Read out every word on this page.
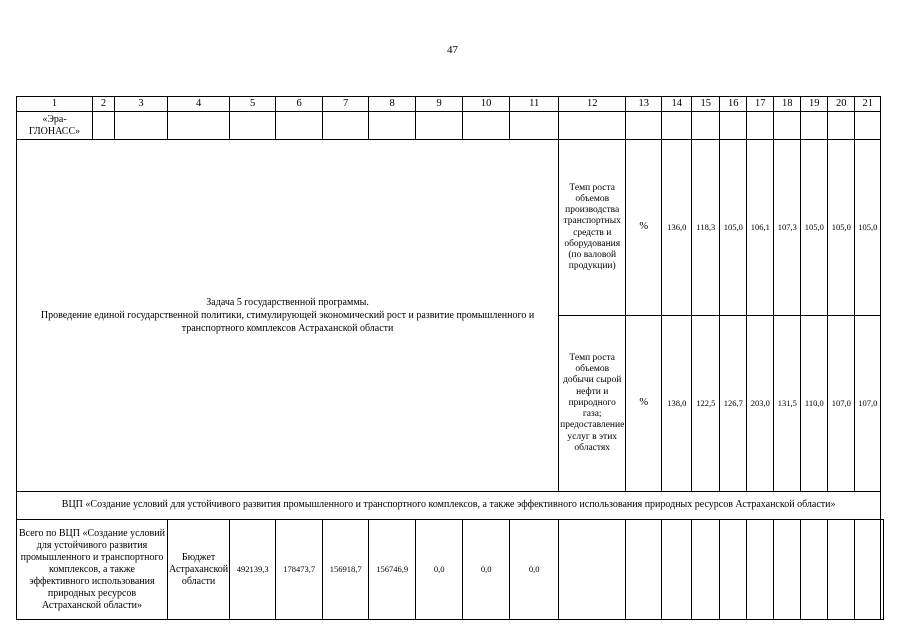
47
1	2	3	4	5	6	7	8	9	10	11	12	13	14	15	16	17	18	19	20	21	
«Эра-ГЛОНАСС»																					

Задача 5 государственной программы.
Проведение единой государственной политики, стимулирующей экономический рост и развитие промышленного и транспортного комплексов Астраханской области											Темп роста объемов производства транспортных средств и оборудования (по валовой продукции)	%	136,0	118,3	105,0	106,1	107,3	105,0	105,0	105,0	
											Темп роста объемов добычи сырой нефти и природного газа; предоставление услуг в этих областях	%	138,0	122,5	126,7	203,0	131,5	110,0	107,0	107,0	
ВЦП «Создание условий для устойчивого развития промышленного и транспортного комплексов, а также эффективного использования природных ресурсов Астраханской области»																					
Всего по ВЦП «Создание условий для устойчивого развития промышленного и транспортного комплексов, а также эффективного использования природных ресурсов Астраханской области»			Бюджет Астраханской области	492139,3	178473,7	156918,7	156746,9	0,0	0,0	0,0											
